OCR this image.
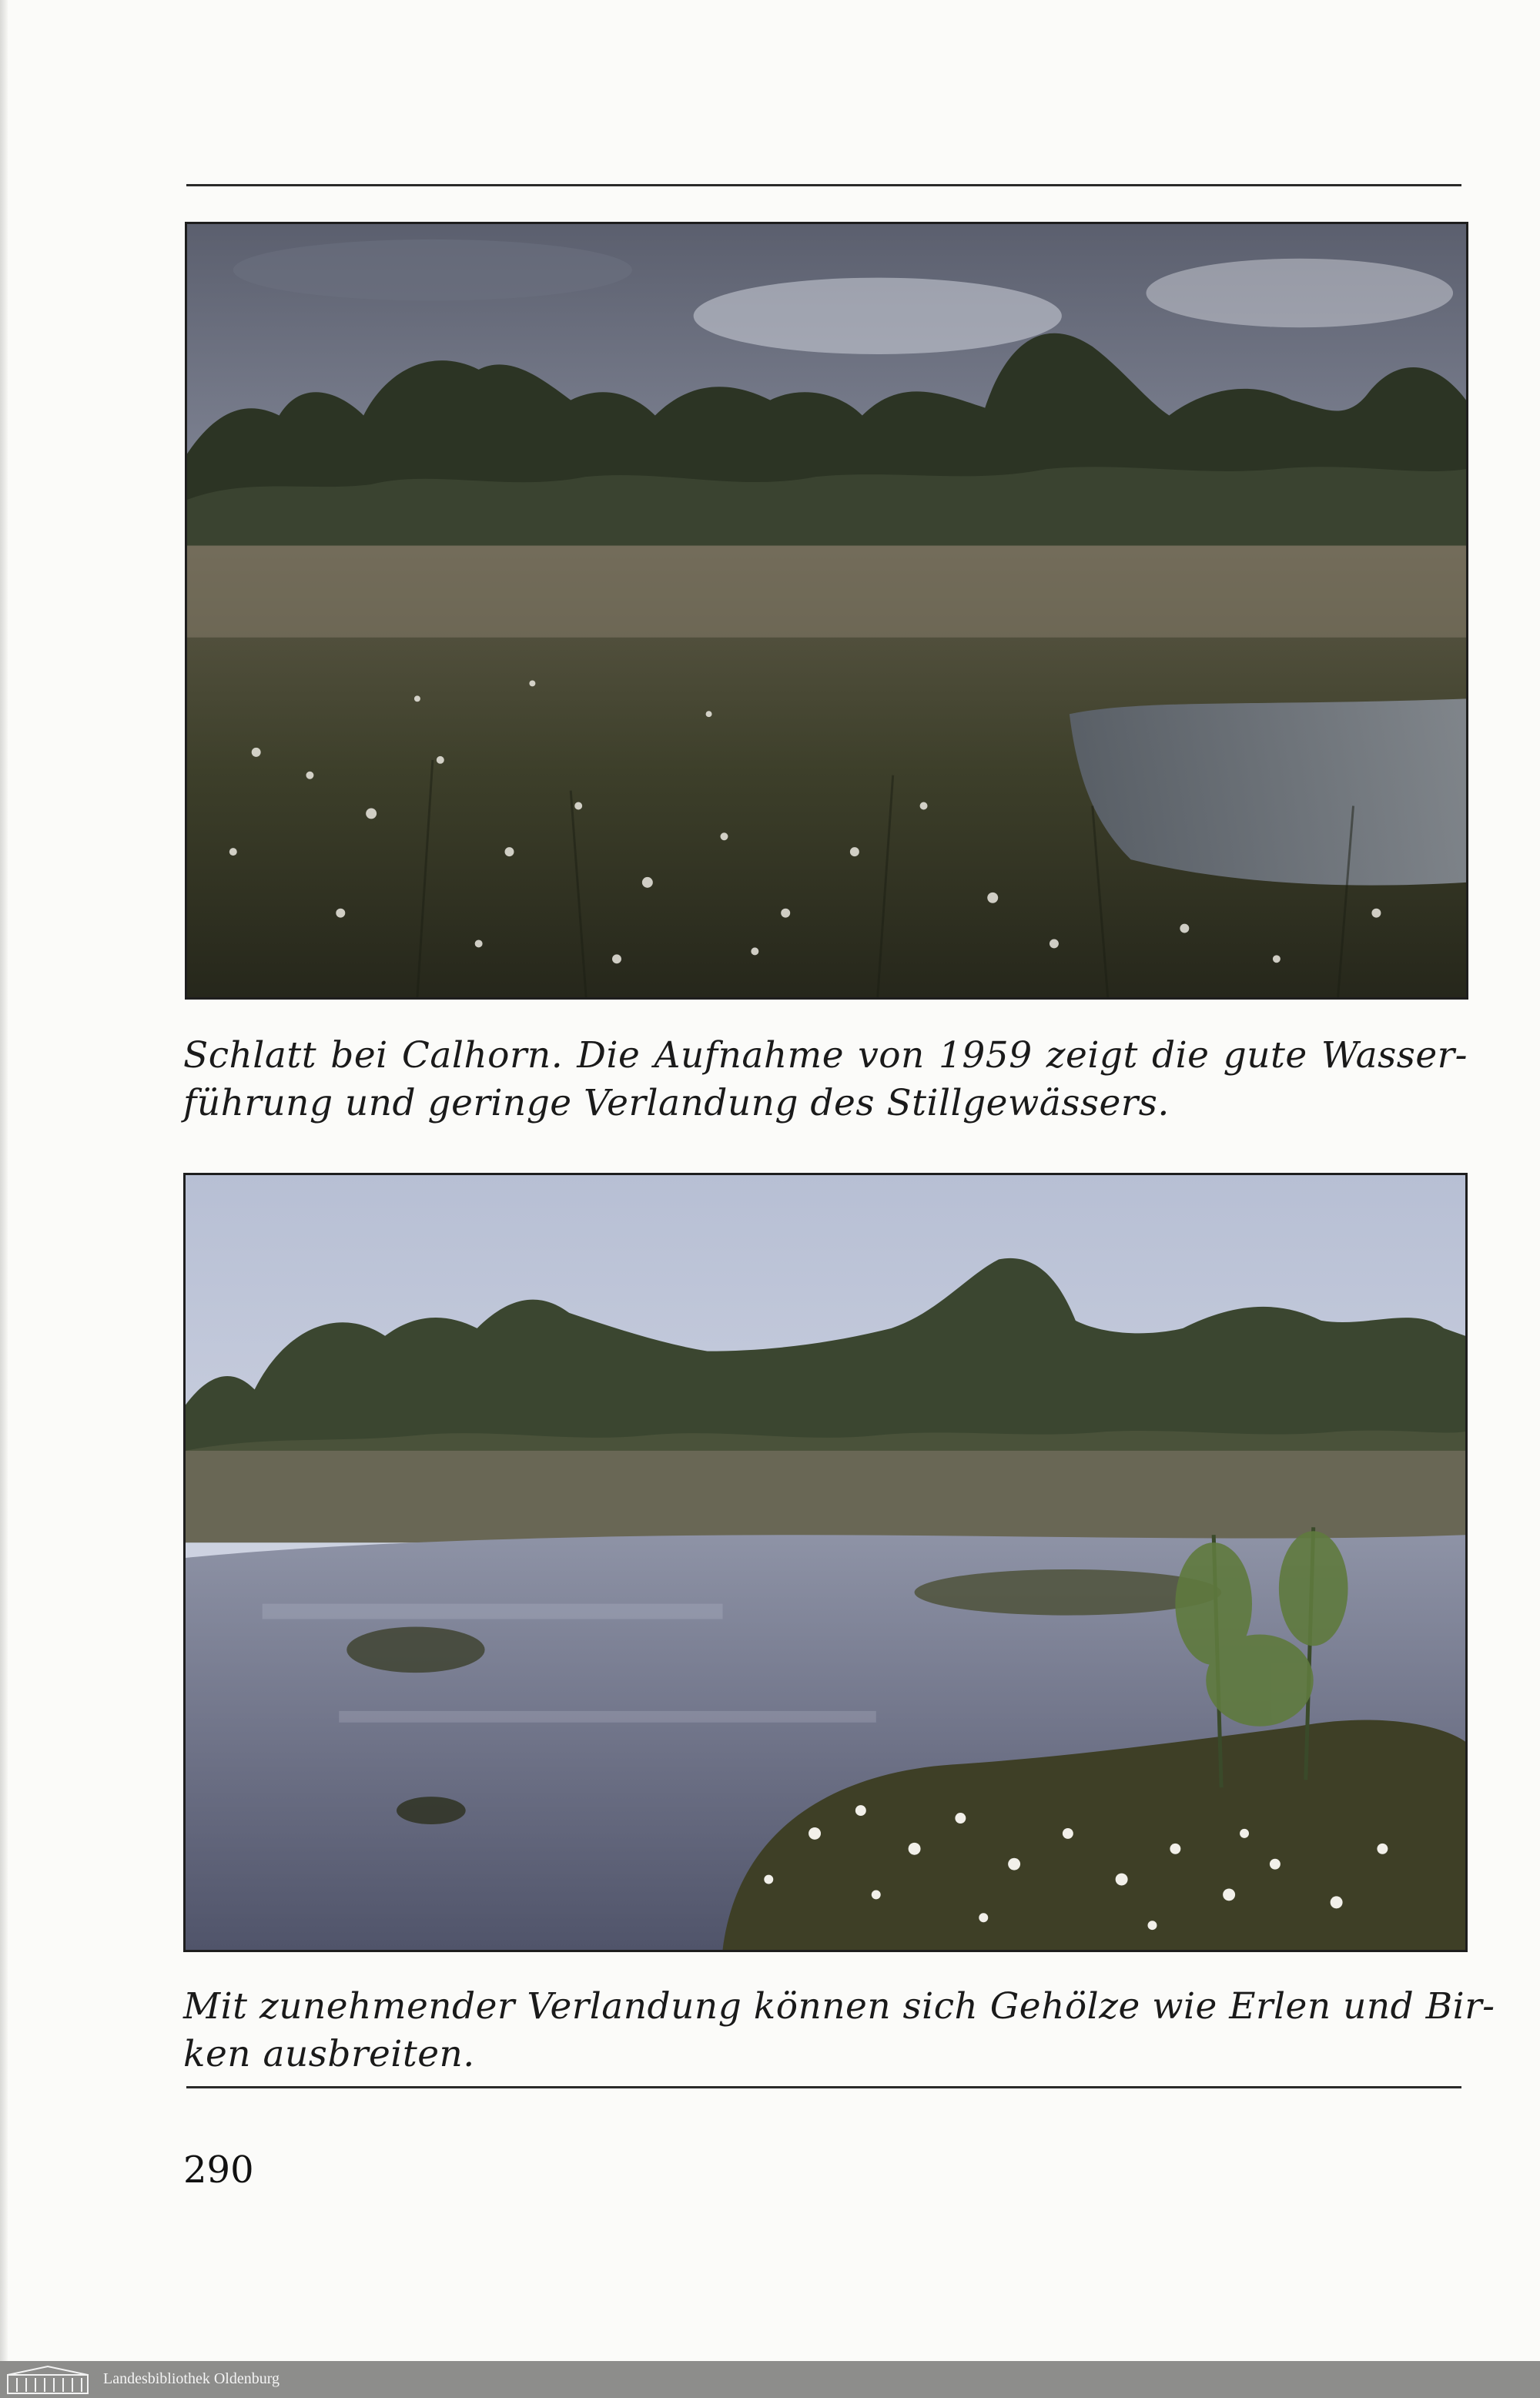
Schlatt bei Calhorn. Die Aufnahme von 1959 zeigt die gute Wasser-
führung und geringe Verlandung des Stillgewässers.
Mit zunehmender Verlandung können sich Gehölze wie Erlen und Bir-
ken ausbreiten.
290
Landesbibliothek Oldenburg
